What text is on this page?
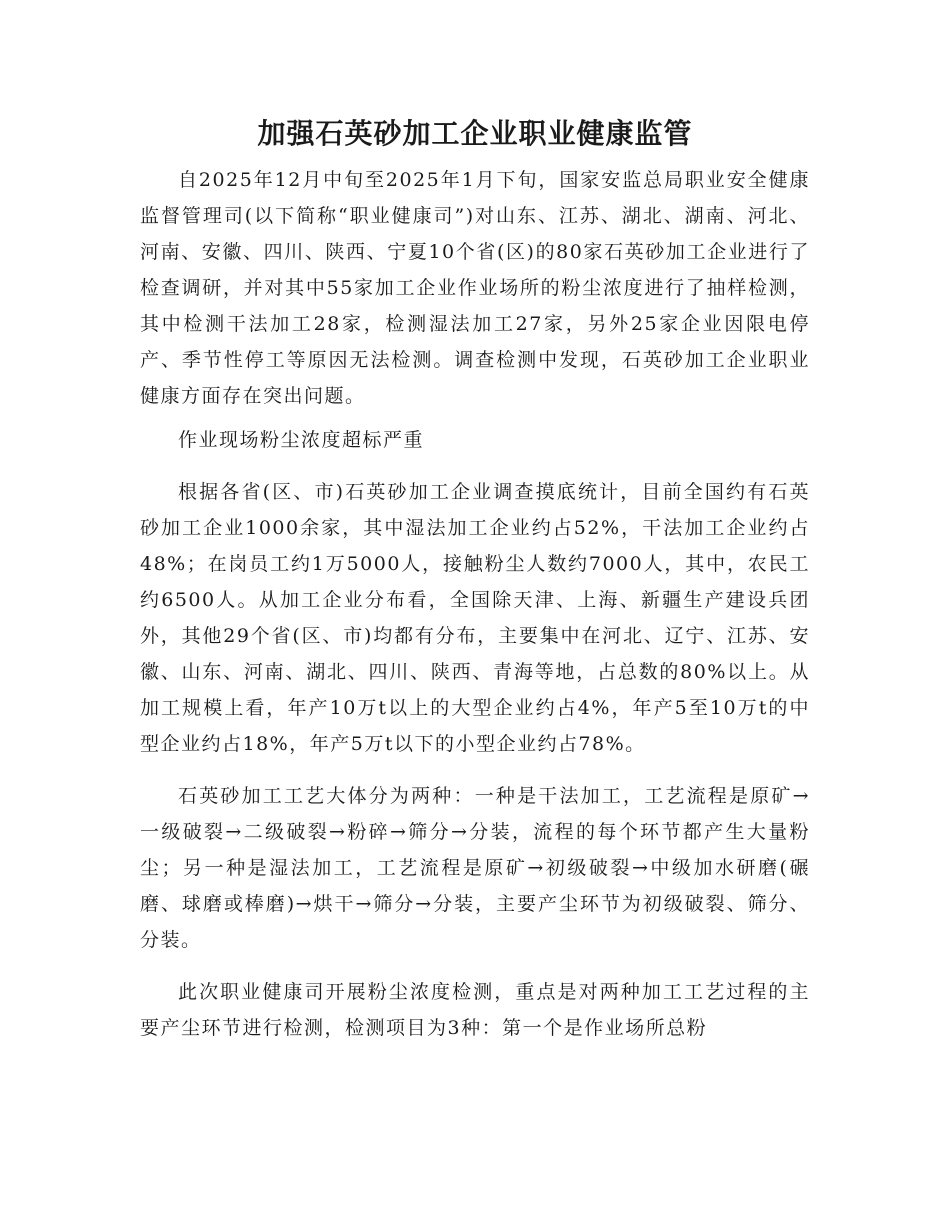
加强石英砂加工企业职业健康监管

自2025年12月中旬至2025年1月下旬，国家安监总局职业安全健康监督管理司(以下简称“职业健康司”)对山东、江苏、湖北、湖南、河北、河南、安徽、四川、陕西、宁夏10个省(区)的80家石英砂加工企业进行了检查调研，并对其中55家加工企业作业场所的粉尘浓度进行了抽样检测，其中检测干法加工28家，检测湿法加工27家，另外25家企业因限电停产、季节性停工等原因无法检测。调查检测中发现，石英砂加工企业职业健康方面存在突出问题。

作业现场粉尘浓度超标严重

根据各省(区、市)石英砂加工企业调查摸底统计，目前全国约有石英砂加工企业1000余家，其中湿法加工企业约占52%，干法加工企业约占48%；在岗员工约1万5000人，接触粉尘人数约7000人，其中，农民工约6500人。从加工企业分布看，全国除天津、上海、新疆生产建设兵团外，其他29个省(区、市)均都有分布，主要集中在河北、辽宁、江苏、安徽、山东、河南、湖北、四川、陕西、青海等地，占总数的80%以上。从加工规模上看，年产10万t以上的大型企业约占4%，年产5至10万t的中型企业约占18%，年产5万t以下的小型企业约占78%。

石英砂加工工艺大体分为两种：一种是干法加工，工艺流程是原矿→一级破裂→二级破裂→粉碎→筛分→分装，流程的每个环节都产生大量粉尘；另一种是湿法加工，工艺流程是原矿→初级破裂→中级加水研磨(碾磨、球磨或棒磨)→烘干→筛分→分装，主要产尘环节为初级破裂、筛分、分装。

此次职业健康司开展粉尘浓度检测，重点是对两种加工工艺过程的主要产尘环节进行检测，检测项目为3种：第一个是作业场所总粉
